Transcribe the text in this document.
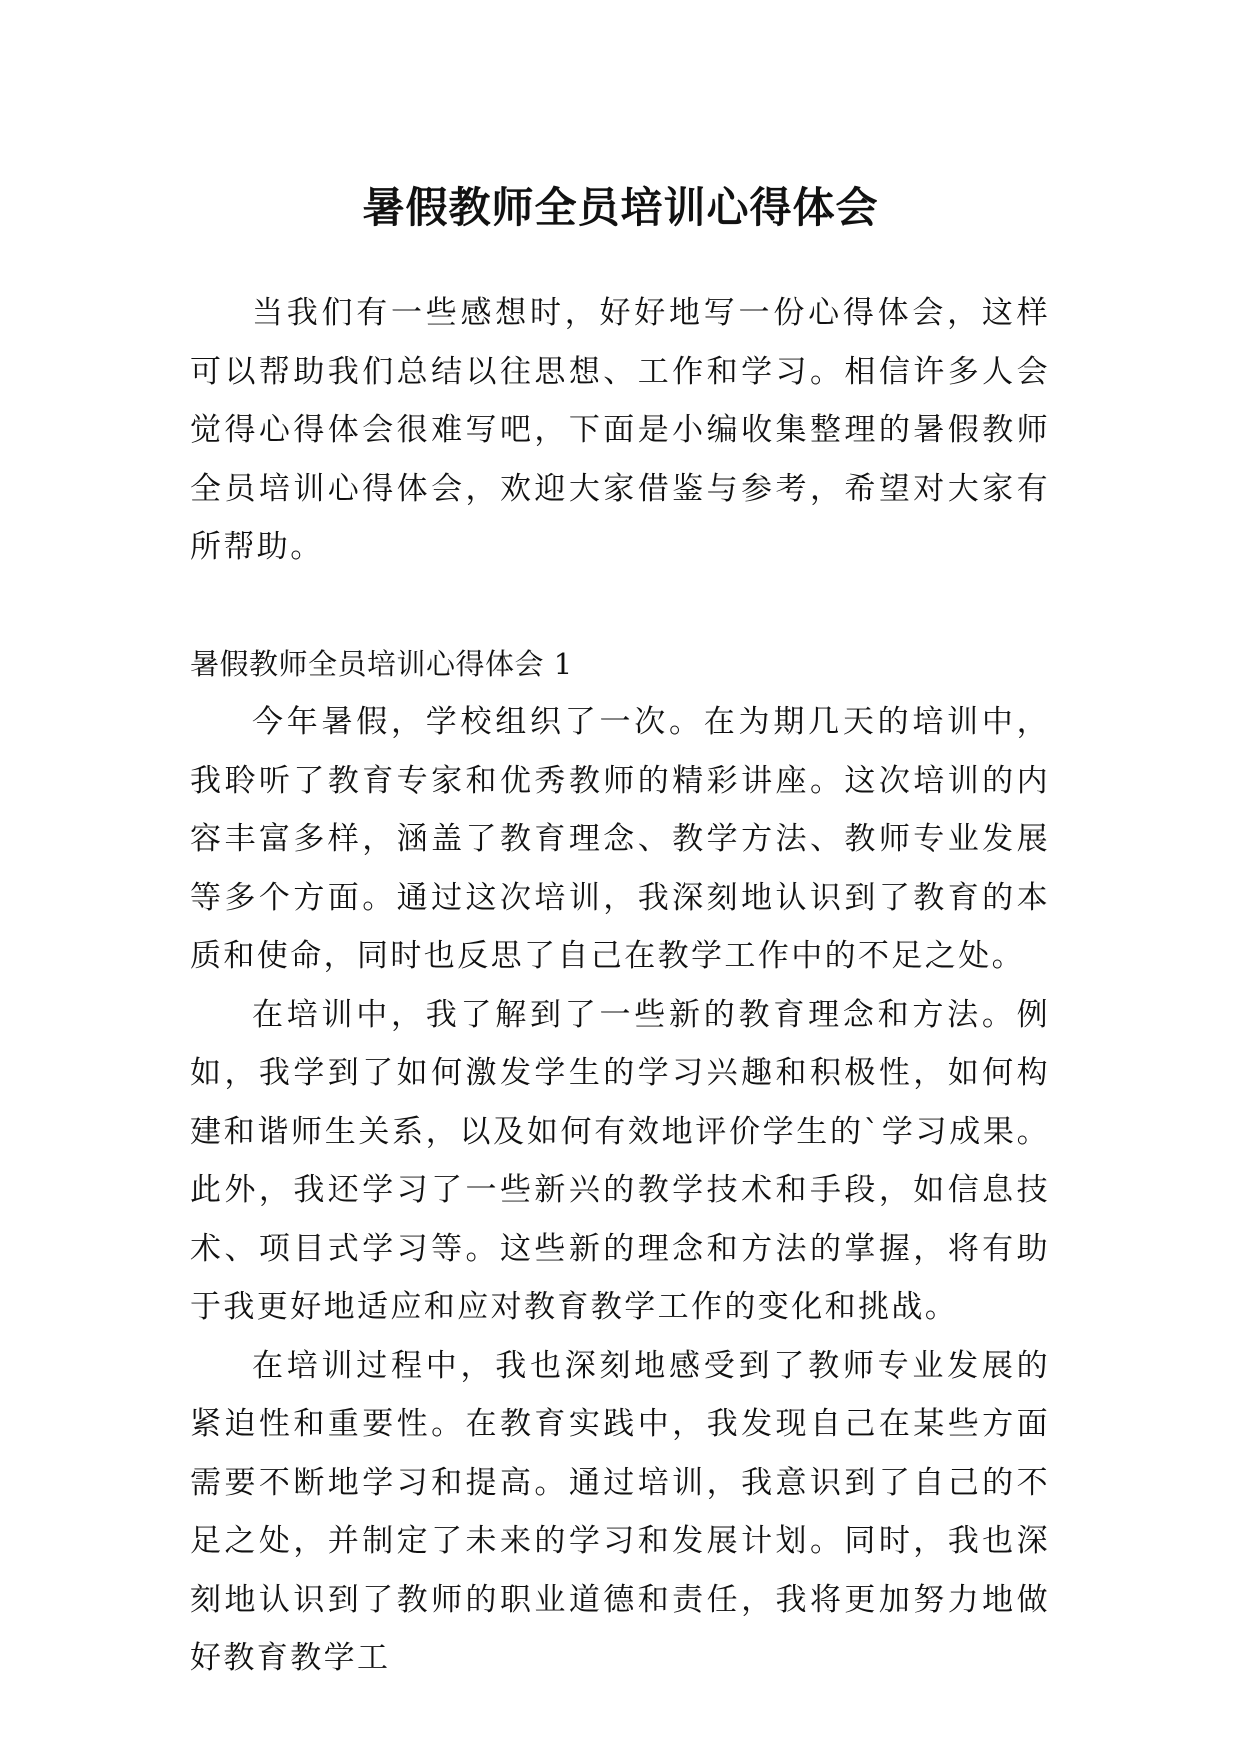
暑假教师全员培训心得体会

当我们有一些感想时，好好地写一份心得体会，这样可以帮助我们总结以往思想、工作和学习。相信许多人会觉得心得体会很难写吧，下面是小编收集整理的暑假教师全员培训心得体会，欢迎大家借鉴与参考，希望对大家有所帮助。

暑假教师全员培训心得体会 1

今年暑假，学校组织了一次。在为期几天的培训中，我聆听了教育专家和优秀教师的精彩讲座。这次培训的内容丰富多样，涵盖了教育理念、教学方法、教师专业发展等多个方面。通过这次培训，我深刻地认识到了教育的本质和使命，同时也反思了自己在教学工作中的不足之处。

在培训中，我了解到了一些新的教育理念和方法。例如，我学到了如何激发学生的学习兴趣和积极性，如何构建和谐师生关系，以及如何有效地评价学生的`学习成果。此外，我还学习了一些新兴的教学技术和手段，如信息技术、项目式学习等。这些新的理念和方法的掌握，将有助于我更好地适应和应对教育教学工作的变化和挑战。

在培训过程中，我也深刻地感受到了教师专业发展的紧迫性和重要性。在教育实践中，我发现自己在某些方面需要不断地学习和提高。通过培训，我意识到了自己的不足之处，并制定了未来的学习和发展计划。同时，我也深刻地认识到了教师的职业道德和责任，我将更加努力地做好教育教学工
